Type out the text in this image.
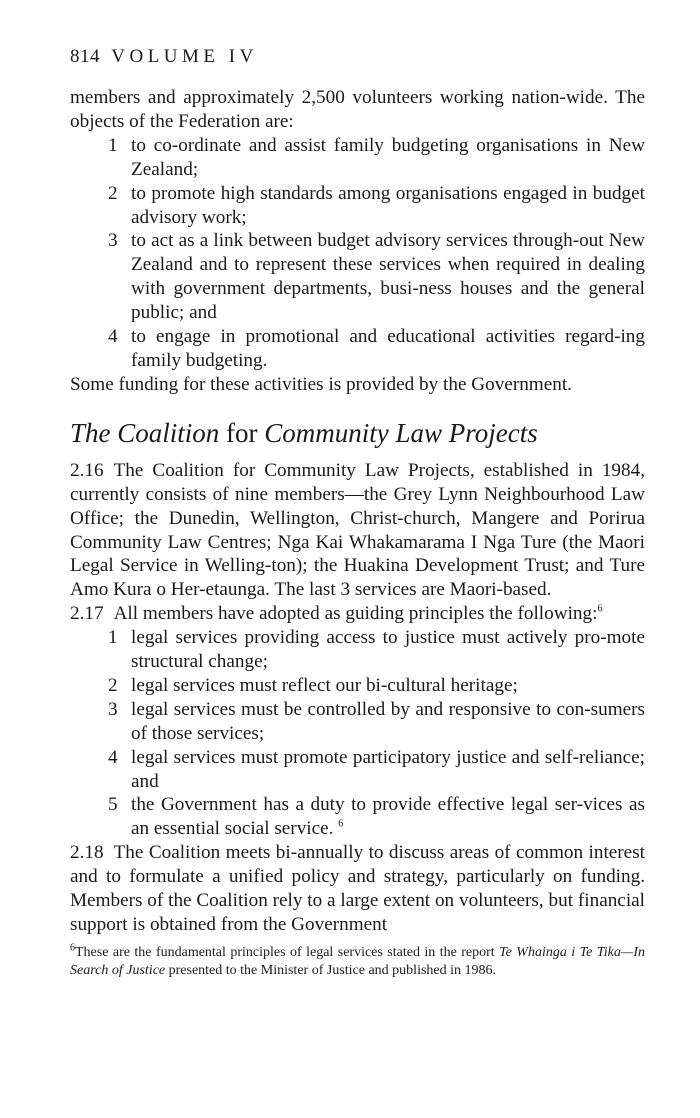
814 VOLUME IV

members and approximately 2,500 volunteers working nation-wide. The objects of the Federation are:

1 to co-ordinate and assist family budgeting organisations in New Zealand;
2 to promote high standards among organisations engaged in budget advisory work;
3 to act as a link between budget advisory services through-out New Zealand and to represent these services when required in dealing with government departments, busi-ness houses and the general public; and
4 to engage in promotional and educational activities regard-ing family budgeting.

Some funding for these activities is provided by the Government.

The Coalition for Community Law Projects

2.16 The Coalition for Community Law Projects, established in 1984, currently consists of nine members—the Grey Lynn Neighbourhood Law Office; the Dunedin, Wellington, Christ-church, Mangere and Porirua Community Law Centres; Nga Kai Whakamarama I Nga Ture (the Maori Legal Service in Welling-ton); the Huakina Development Trust; and Ture Amo Kura o Her-etaunga. The last 3 services are Maori-based.

2.17 All members have adopted as guiding principles the following:$^6$

1 legal services providing access to justice must actively pro-mote structural change;
2 legal services must reflect our bi-cultural heritage;
3 legal services must be controlled by and responsive to con-sumers of those services;
4 legal services must promote participatory justice and self-reliance; and
5 the Government has a duty to provide effective legal ser-vices as an essential social service. $^6$

2.18 The Coalition meets bi-annually to discuss areas of common interest and to formulate a unified policy and strategy, particularly on funding. Members of the Coalition rely to a large extent on volunteers, but financial support is obtained from the Government

$^6$These are the fundamental principles of legal services stated in the report Te Whainga i Te Tika—In Search of Justice presented to the Minister of Justice and published in 1986.
